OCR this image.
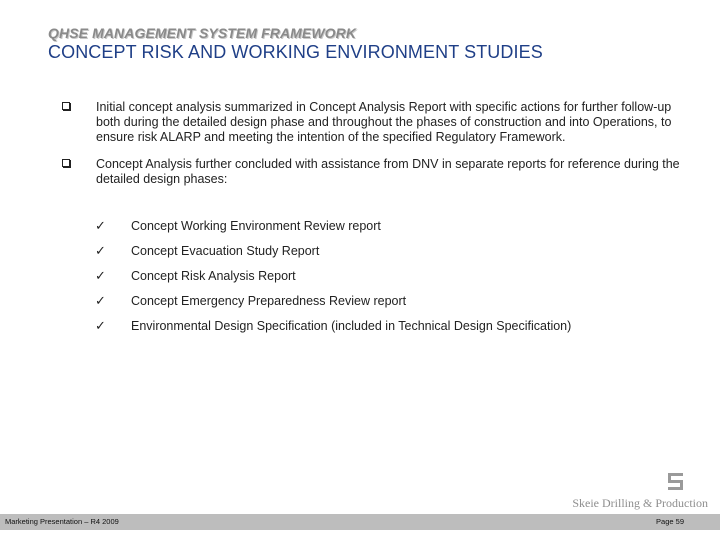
QHSE MANAGEMENT SYSTEM FRAMEWORK
CONCEPT RISK AND WORKING ENVIRONMENT STUDIES
Initial concept analysis summarized in Concept Analysis Report with specific actions for further follow-up both during the detailed design phase and throughout the phases of construction and into Operations, to ensure risk ALARP and meeting the intention of the specified Regulatory Framework.
Concept Analysis further concluded with assistance from DNV in separate reports for reference during the detailed design phases:
✓ Concept Working Environment Review report
✓ Concept Evacuation Study Report
✓ Concept Risk Analysis Report
✓ Concept Emergency Preparedness Review report
✓ Environmental Design Specification (included in Technical Design Specification)
Skeie Drilling & Production
Marketing Presentation – R4 2009	Page 59
